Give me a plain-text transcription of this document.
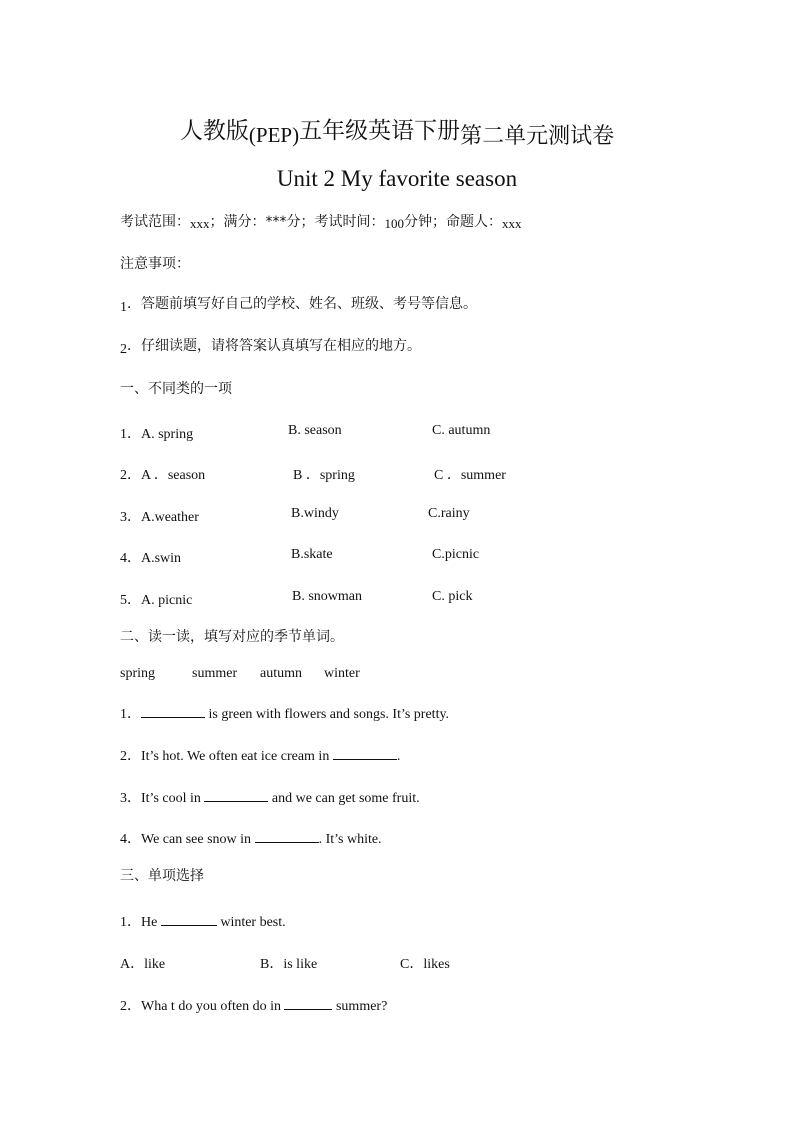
人教版(PEP)五年级英语下册第二单元测试卷
Unit 2 My favorite season
考试范围：xxx；满分：***分；考试时间：100分钟；命题人：xxx
注意事项：
1．答题前填写好自己的学校、姓名、班级、考号等信息。
2．仔细读题，请将答案认真填写在相应的地方。
一、不同类的一项
1．A. spring	B. season	C. autumn
2．A ．season	B ．spring	C ．summer
3．A.weather	B.windy	C.rainy
4．A.swin	B.skate	C.picnic
5．A. picnic	B. snowman	C. pick
二、读一读，填写对应的季节单词。
spring	summer autumn winter
1．	is green with flowers and songs. It’s pretty.
2．It’s hot. We often eat ice cream in	.
3．It’s cool in	and we can get some fruit.
4．We can see snow in	. It’s white.
三、单项选择
1．He	winter best.
A．like	B．is like	C．likes
2．Wha t do you often do in	summer?
